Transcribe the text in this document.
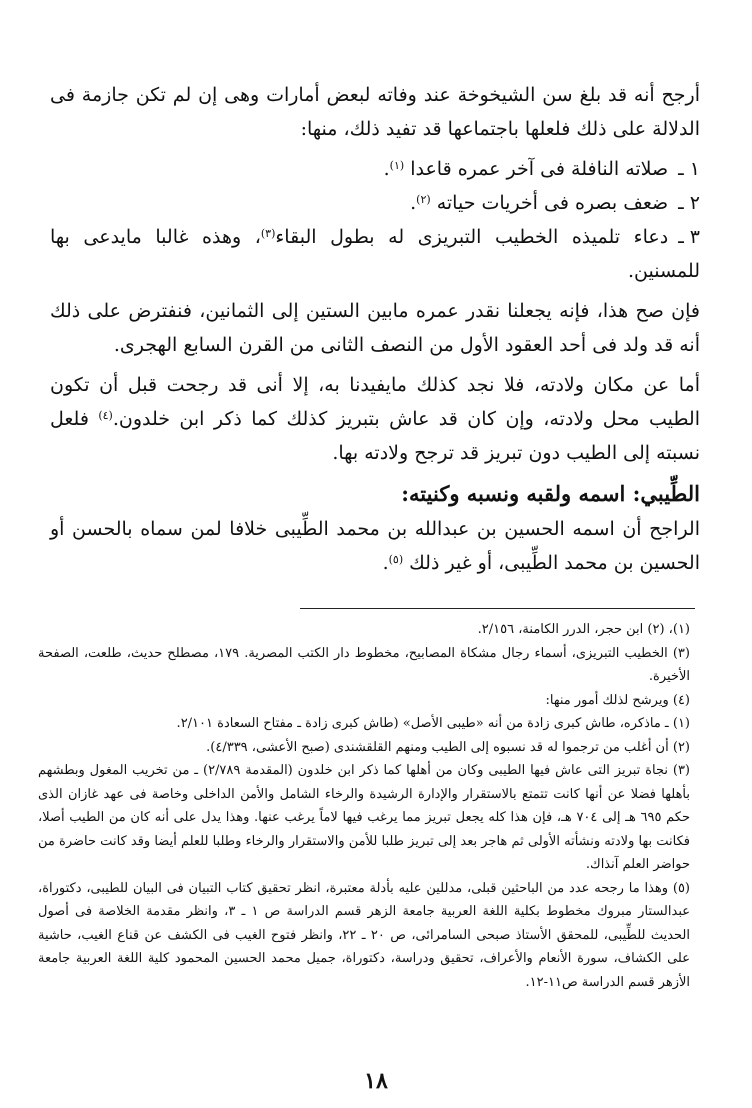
أرجح أنه قد بلغ سن الشيخوخة عند وفاته لبعض أمارات وهى إن لم تكن جازمة فى الدلالة على ذلك فلعلها باجتماعها قد تفيد ذلك، منها:

١ ـصلاته النافلة فى آخر عمره قاعدا $^{(١)}$.

٢ ـضعف بصره فى أخريات حياته $^{(٢)}$.

٣ ـدعاء تلميذه الخطيب التبريزى له بطول البقاء$^{(٣)}$، وهذه غالبا مايدعى بها للمسنين.

فإن صح هذا، فإنه يجعلنا نقدر عمره مابين الستين إلى الثمانين، فنفترض على ذلك أنه قد ولد فى أحد العقود الأول من النصف الثانى من القرن السابع الهجرى.

أما عن مكان ولادته، فلا نجد كذلك مايفيدنا به، إلا أنى قد رجحت قبل أن تكون الطيب محل ولادته، وإن كان قد عاش بتبريز كذلك كما ذكر ابن خلدون.$^{(٤)}$ فلعل نسبته إلى الطيب دون تبريز قد ترجح ولادته بها.

الطِّيبي: اسمه ولقبه ونسبه وكنيته:

الراجح أن اسمه الحسين بن عبدالله بن محمد الطِّيبى خلافا لمن سماه بالحسن أو الحسين بن محمد الطِّيبى، أو غير ذلك $^{(٥)}$.

(١)، (٢) ابن حجر، الدرر الكامنة، ٢/١٥٦.

(٣) الخطيب التبريزى، أسماء رجال مشكاة المصابيح، مخطوط دار الكتب المصرية. ١٧٩، مصطلح حديث، طلعت، الصفحة الأخيرة.

(٤) ويرشح لذلك أمور منها:

(١) ـ ماذكره، طاش كبرى زادة من أنه «طيبى الأصل» (طاش كبرى زادة ـ مفتاح السعادة ٢/١٠١.

(٢) أن أغلب من ترجموا له قد نسبوه إلى الطيب ومنهم القلقشندى (صبح الأعشى، ٤/٣٣٩).

(٣) نجاة تبريز التى عاش فيها الطيبى وكان من أهلها كما ذكر ابن خلدون (المقدمة ٢/٧٨٩) ـ من تخريب المغول وبطشهم بأهلها فضلا عن أنها كانت تتمتع بالاستقرار والإدارة الرشيدة والرخاء الشامل والأمن الداخلى وخاصة فى عهد غازان الذى حكم ٦٩٥ هـ إلى ٧٠٤ هـ، فإن هذا كله يجعل تبريز مما يرغب فيها لاماً يرغب عنها. وهذا يدل على أنه كان من الطيب أصلا، فكانت بها ولادته ونشأته الأولى ثم هاجر بعد إلى تبريز طلبا للأمن والاستقرار والرخاء وطلبا للعلم أيضا وقد كانت حاضرة من حواضر العلم آنذاك.

(٥) وهذا ما رجحه عدد من الباحثين قبلى، مدللين عليه بأدلة معتبرة، انظر تحقيق كتاب التبيان فى البيان للطيبى، دكتوراة، عبدالستار مبروك مخطوط بكلية اللغة العربية جامعة الزهر قسم الدراسة ص ١ ـ ٣، وانظر مقدمة الخلاصة فى أصول الحديث للطِّيبى، للمحقق الأستاذ صبحى السامرائى، ص ٢٠ ـ ٢٢، وانظر فتوح الغيب فى الكشف عن قناع الغيب، حاشية على الكشاف، سورة الأنعام والأعراف، تحقيق ودراسة، دكتوراة، جميل محمد الحسين المحمود كلية اللغة العربية جامعة الأزهر قسم الدراسة ص١١-١٢.

١٨
